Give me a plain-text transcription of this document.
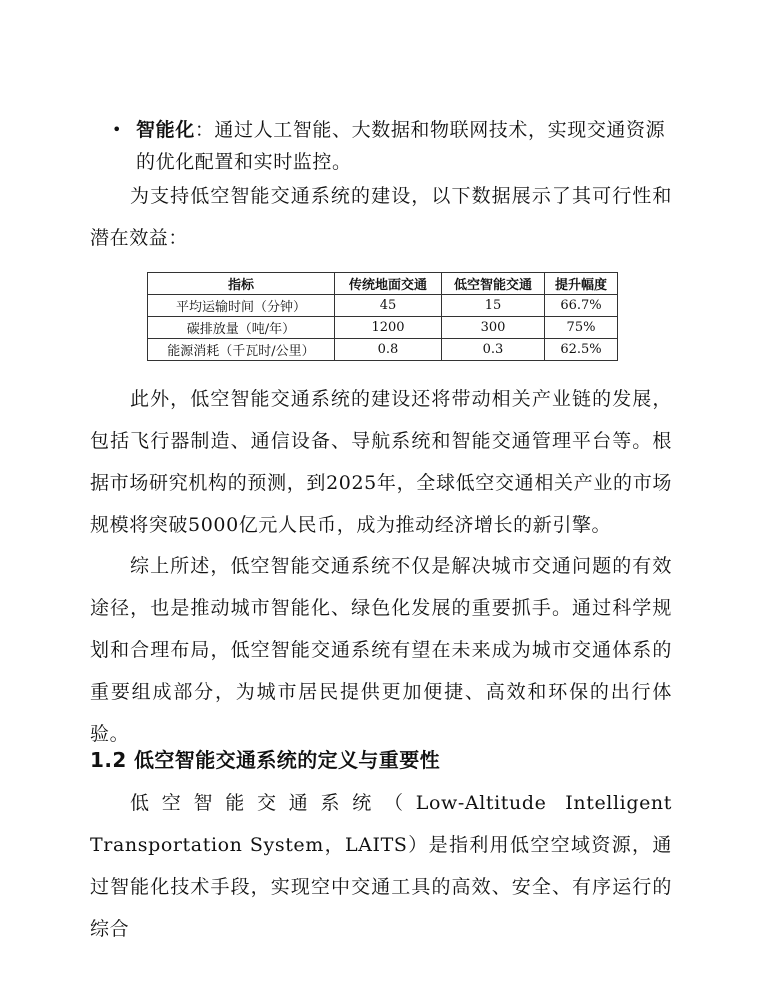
• 智能化：通过人工智能、大数据和物联网技术，实现交通资源的优化配置和实时监控。

为支持低空智能交通系统的建设，以下数据展示了其可行性和潜在效益：

指标	传统地面交通	低空智能交通	提升幅度
平均运输时间（分钟）	45	15	66.7%
碳排放量（吨/年）	1200	300	75%
能源消耗（千瓦时/公里）	0.8	0.3	62.5%

此外，低空智能交通系统的建设还将带动相关产业链的发展，包括飞行器制造、通信设备、导航系统和智能交通管理平台等。根据市场研究机构的预测，到2025年，全球低空交通相关产业的市场规模将突破5000亿元人民币，成为推动经济增长的新引擎。

综上所述，低空智能交通系统不仅是解决城市交通问题的有效途径，也是推动城市智能化、绿色化发展的重要抓手。通过科学规划和合理布局，低空智能交通系统有望在未来成为城市交通体系的重要组成部分，为城市居民提供更加便捷、高效和环保的出行体验。

1.2 低空智能交通系统的定义与重要性

低空智能交通系统（Low-Altitude Intelligent Transportation System，LAITS）是指利用低空空域资源，通过智能化技术手段，实现空中交通工具的高效、安全、有序运行的综合
